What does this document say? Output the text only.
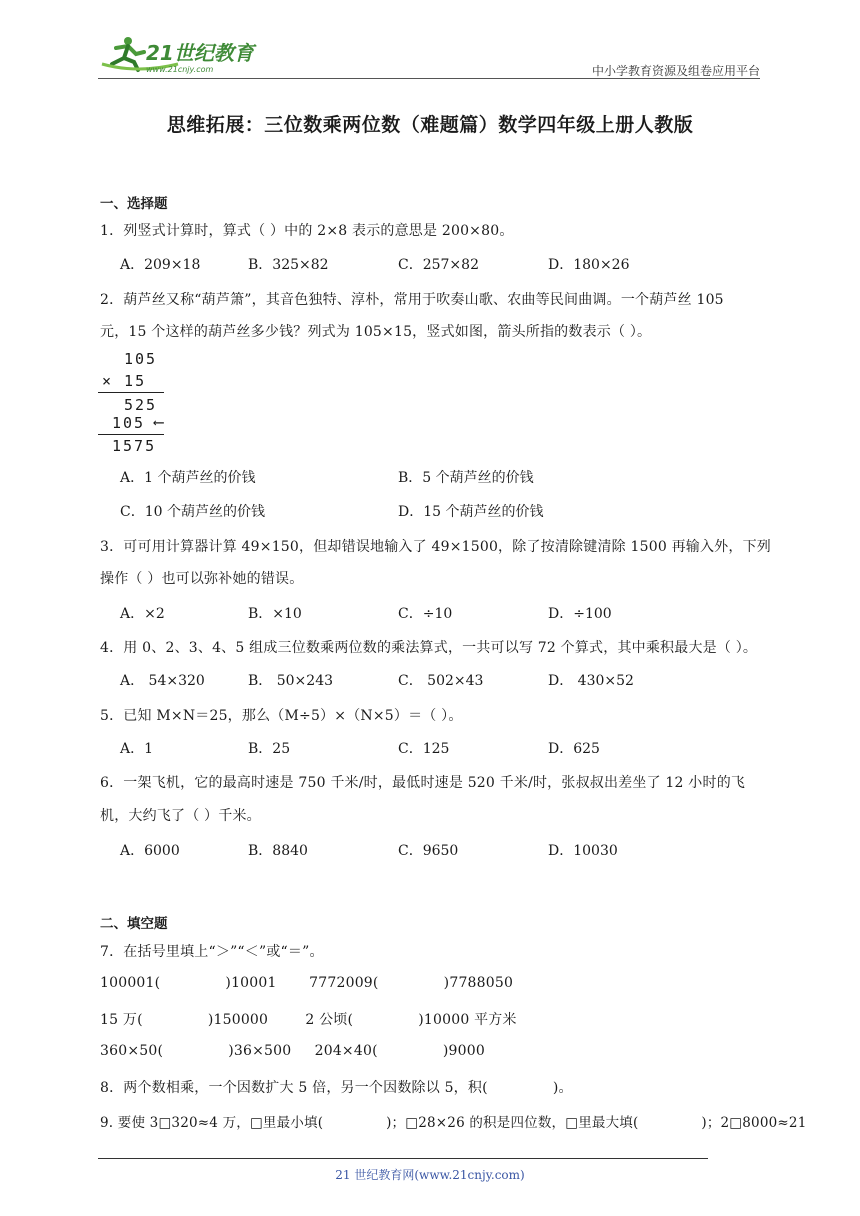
21世纪教育
www.21cnjy.com	中小学教育资源及组卷应用平台
思维拓展：三位数乘两位数（难题篇）数学四年级上册人教版
一、选择题
1．列竖式计算时，算式（ ）中的 2×8 表示的意思是 200×80。
A．209×18	B．325×82	C．257×82	D．180×26
2．葫芦丝又称“葫芦箫”，其音色独特、淳朴，常用于吹奏山歌、农曲等民间曲调。一个葫芦丝 105
元，15 个这样的葫芦丝多少钱？列式为 105×15，竖式如图，箭头所指的数表示（ ）。
105
× 15
525
105 ⟵
1575
A．1 个葫芦丝的价钱	B．5 个葫芦丝的价钱
C．10 个葫芦丝的价钱	D．15 个葫芦丝的价钱
3．可可用计算器计算 49×150，但却错误地输入了 49×1500，除了按清除键清除 1500 再输入外，下列
操作（ ）也可以弥补她的错误。
A．×2	B．×10	C．÷10	D．÷100
4．用 0、2、3、4、5 组成三位数乘两位数的乘法算式，一共可以写 72 个算式，其中乘积最大是（ ）。
A． 54×320	B． 50×243	C． 502×43	D． 430×52
5．已知 M×N＝25，那么（M÷5）×（N×5）＝（ ）。
A．1	B．25	C．125	D．625
6．一架飞机，它的最高时速是 750 千米/时，最低时速是 520 千米/时，张叔叔出差坐了 12 小时的飞
机，大约飞了（ ）千米。
A．6000	B．8840	C．9650	D．10030
二、填空题
7．在括号里填上“＞”“＜”或“＝”。
100001(              )10001       7772009(              )7788050
15 万(              )150000        2 公顷(              )10000 平方米
360×50(              )36×500     204×40(              )9000
8．两个数相乘，一个因数扩大 5 倍，另一个因数除以 5，积(              )。
9. 要使 3□320≈4 万，□里最小填(              )；□28×26 的积是四位数，□里最大填(              )；2□8000≈21
21 世纪教育网(www.21cnjy.com)
